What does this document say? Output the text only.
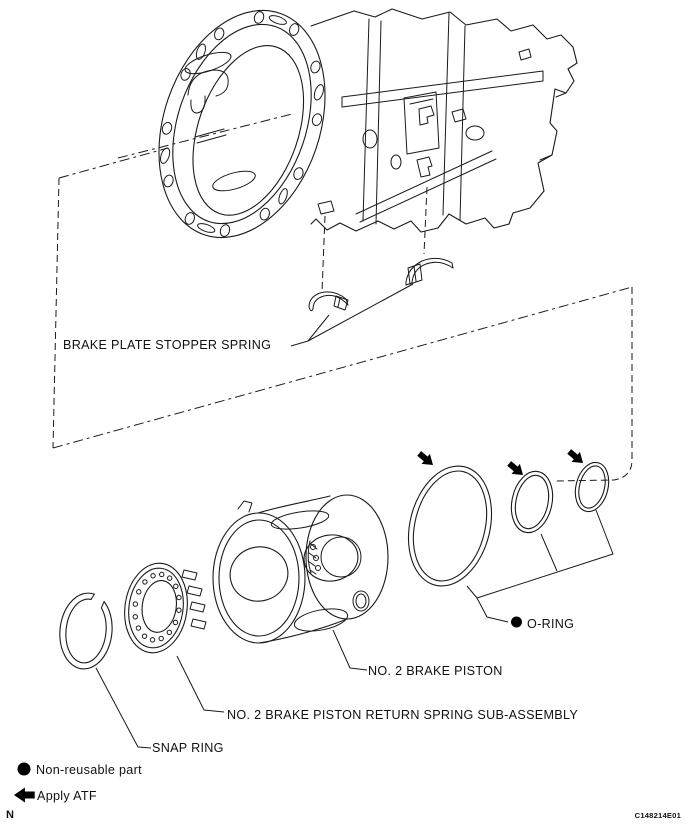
BRAKE PLATE STOPPER SPRING
O-RING
NO. 2 BRAKE PISTON
NO. 2 BRAKE PISTON RETURN SPRING SUB-ASSEMBLY
SNAP RING
Non-reusable part
Apply ATF
N	C148214E01
